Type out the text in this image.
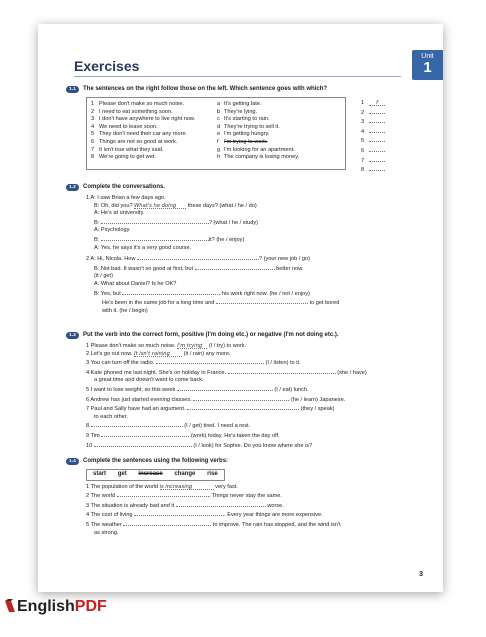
Unit
1
Exercises
1.1	The sentences on the right follow those on the left. Which sentence goes with which?
1 Please don't make so much noise.
2 I need to eat something soon.
3 I don't have anywhere to live right now.
4 We need to leave soon.
5 They don't need their car any more.
6 Things are not so good at work.
7 It isn't true what they said.
8 We're going to get wet.
a It's getting late.
b They're lying.
c It's starting to rain.
d They're trying to sell it.
e I'm getting hungry.
f I'm trying to work.
g I'm looking for an apartment.
h The company is losing money.
1 f
2
3
4
5
6
7
8
1.2	Complete the conversations.
1 A: I saw Brian a few days ago.
B: Oh, did you? What's he doing these days? (what / he / do)
A: He's at university.
B:	? (what / he / study)
A: Psychology.
B:	it? (he / enjoy)
A: Yes, he says it's a very good course.
2 A: Hi, Nicola. How	? (your new job / go)
B: Not bad. It wasn't so good at first, but	better now.
(it / get)
A: What about Daniel? Is he OK?
B: Yes, but	his work right now. (he / not / enjoy)
He's been in the same job for a long time and	to get bored
with it. (he / begin)
1.3	Put the verb into the correct form, positive (I'm doing etc.) or negative (I'm not doing etc.).
1 Please don't make so much noise. I'm trying (I / try) to work.
2 Let's go out now. It isn't raining (it / rain) any more.
3 You can turn off the radio.	(I / listen) to it.
4 Kate phoned me last night. She's on holiday in France.	(she / have)
a great time and doesn't want to come back.
5 I want to lose weight, so this week	(I / eat) lunch.
6 Andrew has just started evening classes.	(he / learn) Japanese.
7 Paul and Sally have had an argument.	(they / speak)
to each other.
8	(I / get) tired. I need a rest.
9 Tim	(work) today. He's taken the day off.
10	(I / look) for Sophie. Do you know where she is?
1.4	Complete the sentences using the following verbs:
start get increase change rise
1 The population of the world is increasing	very fast.
2 The world	. Things never stay the same.
3 The situation is already bad and it	worse.
4 The cost of living	. Every year things are more expensive.
5 The weather	to improve. The rain has stopped, and the wind isn't
as strong.
3
EnglishPDF
